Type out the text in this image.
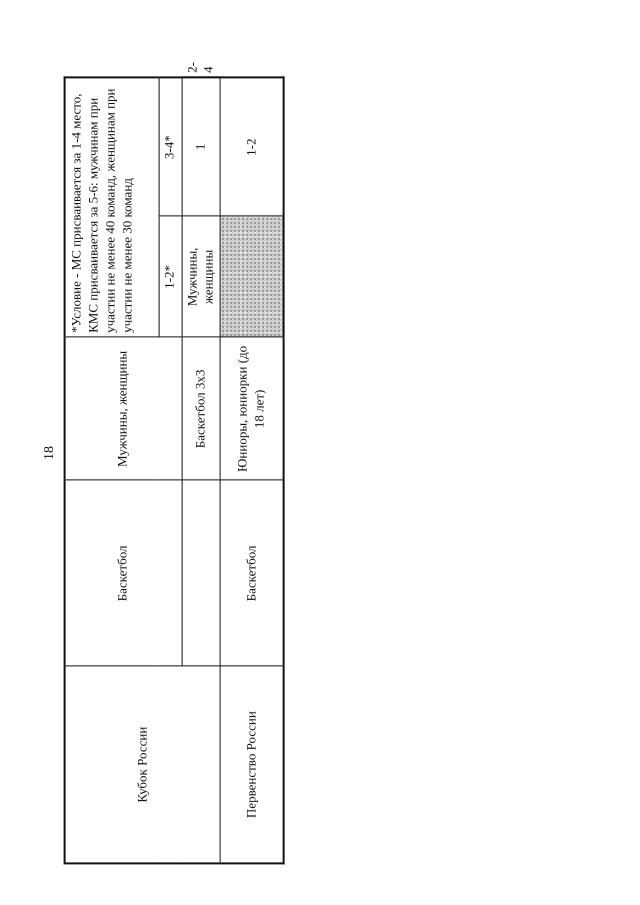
18
Кубок России	Баскетбол	Мужчины, женщины	*Условие - МС присваивается за 1-4 место, КМС присваивается за 5-6: мужчинам при участии не менее 40 команд, женщинам при участии не менее 30 команд		
			1-2*	3-4*	
		Баскетбол 3х3	Мужчины, женщины	1	2-4
Первенство России	Баскетбол	Юниоры, юниорки (до 18 лет)		1-2	
